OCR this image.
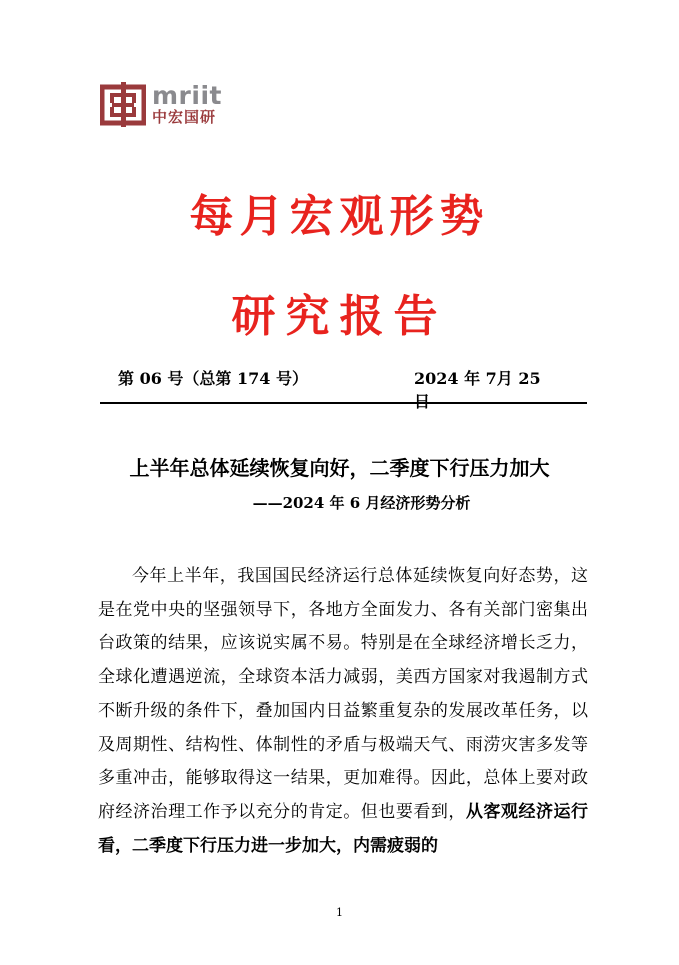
mriit
中宏国研
每月宏观形势
研究报告
第 06 号（总第 174 号）	2024 年 7月 25
上半年总体延续恢复向好，二季度下行压力加大
——2024 年 6 月经济形势分析

今年上半年，我国国民经济运行总体延续恢复向好态势，这是在党中央的坚强领导下，各地方全面发力、各有关部门密集出台政策的结果，应该说实属不易。特别是在全球经济增长乏力，全球化遭遇逆流，全球资本活力减弱，美西方国家对我遏制方式不断升级的条件下，叠加国内日益繁重复杂的发展改革任务，以及周期性、结构性、体制性的矛盾与极端天气、雨涝灾害多发等多重冲击，能够取得这一结果，更加难得。因此，总体上要对政府经济治理工作予以充分的肯定。但也要看到，从客观经济运行看，二季度下行压力进一步加大，内需疲弱的

1
